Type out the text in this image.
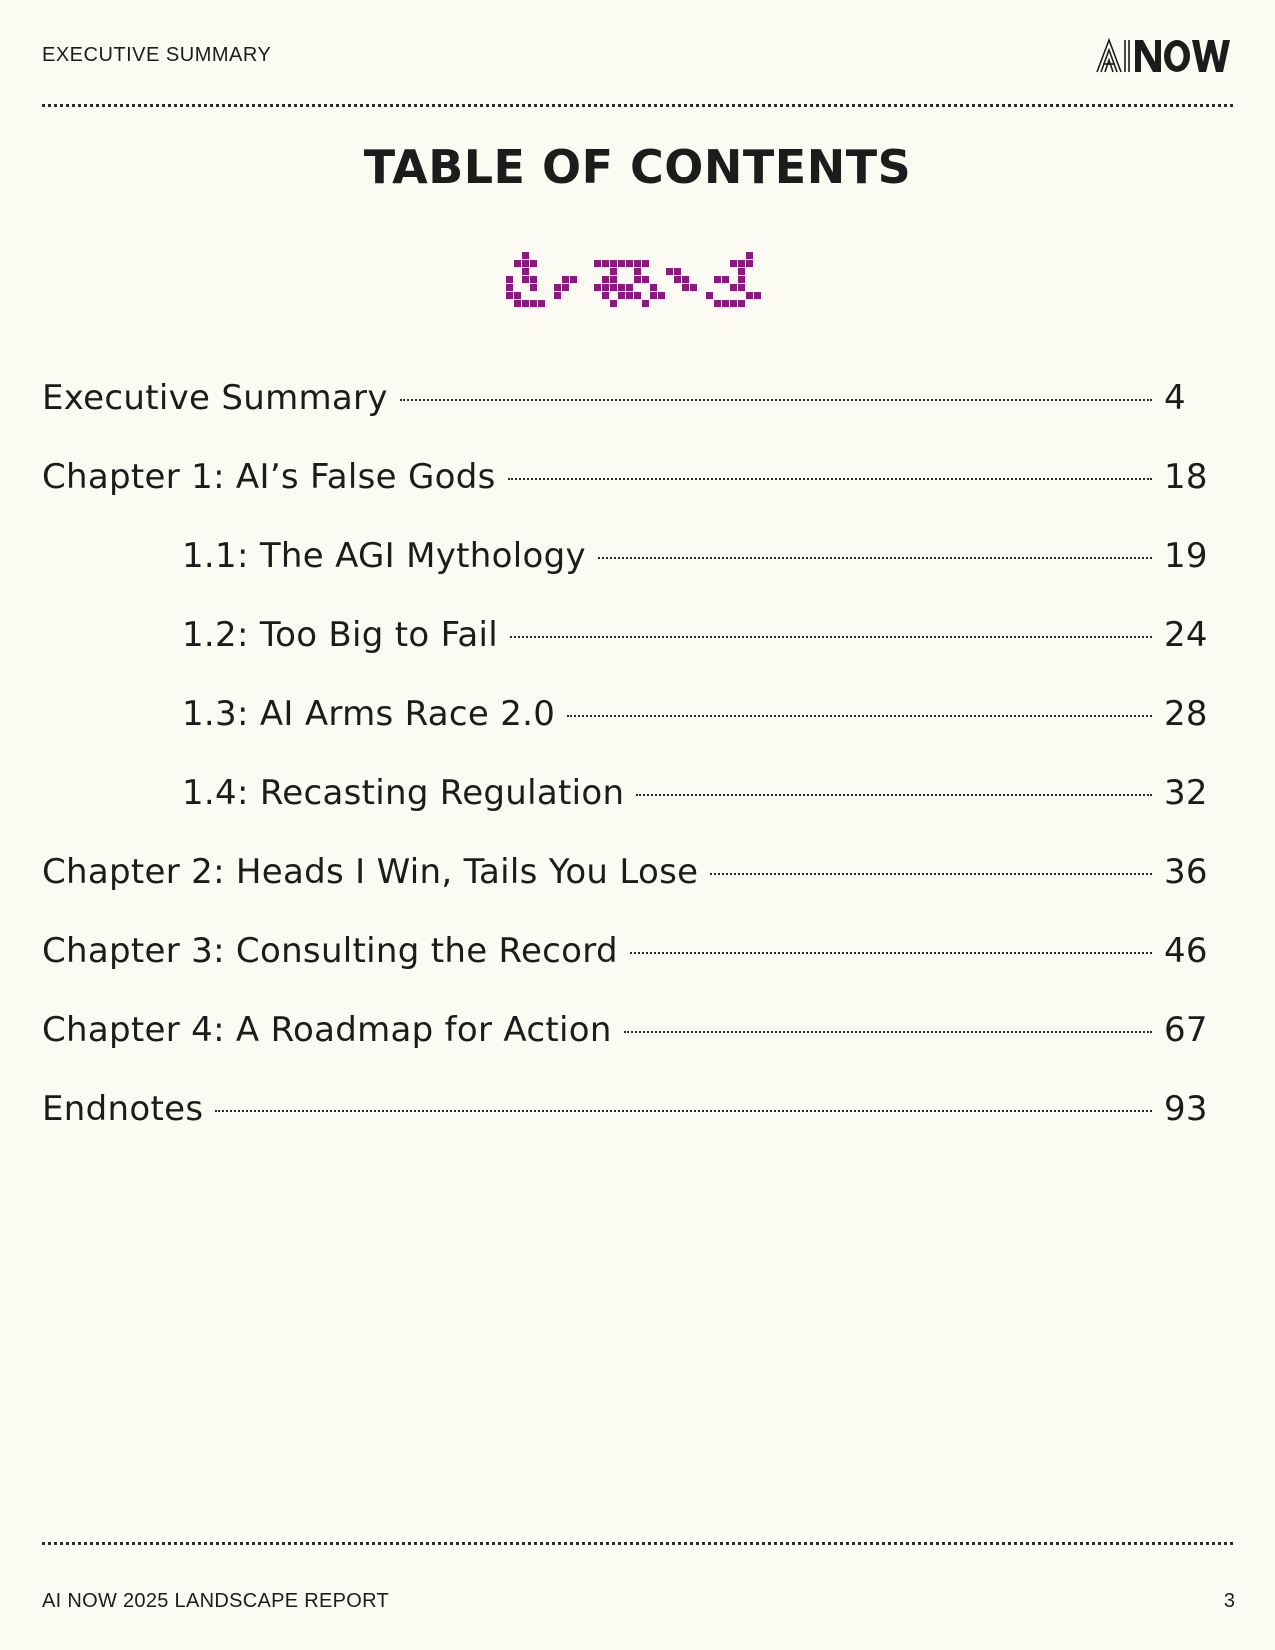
EXECUTIVE SUMMARY
TABLE OF CONTENTS
Executive Summary	4
Chapter 1: AI’s False Gods	18
1.1: The AGI Mythology	19
1.2: Too Big to Fail	24
1.3: AI Arms Race 2.0	28
1.4: Recasting Regulation	32
Chapter 2: Heads I Win, Tails You Lose	36
Chapter 3: Consulting the Record	46
Chapter 4: A Roadmap for Action	67
Endnotes	93
AI NOW 2025 LANDSCAPE REPORT	3
